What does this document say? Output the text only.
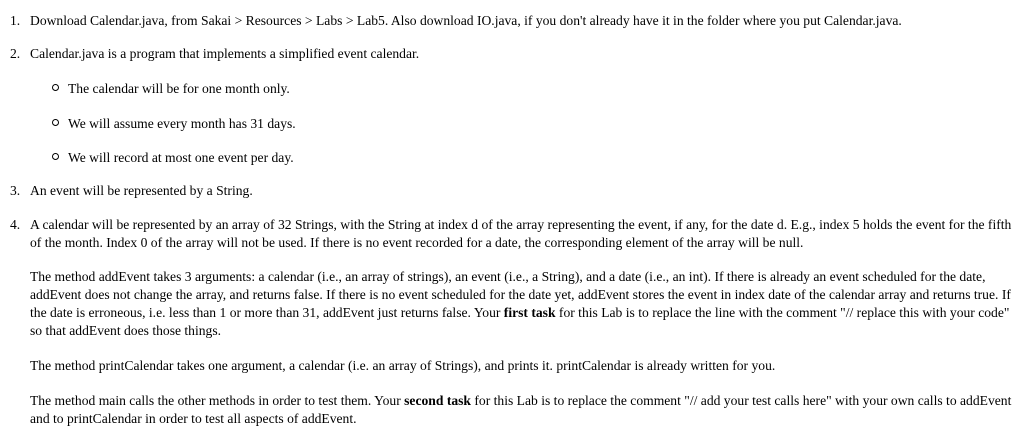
1. Download Calendar.java, from Sakai > Resources > Labs > Lab5. Also download IO.java, if you don't already have it in the folder where you put Calendar.java.
2. Calendar.java is a program that implements a simplified event calendar.
The calendar will be for one month only.
We will assume every month has 31 days.
We will record at most one event per day.
3. An event will be represented by a String.
4. A calendar will be represented by an array of 32 Strings, with the String at index d of the array representing the event, if any, for the date d. E.g., index 5 holds the event for the fifth of the month. Index 0 of the array will not be used. If there is no event recorded for a date, the corresponding element of the array will be null.
The method addEvent takes 3 arguments: a calendar (i.e., an array of strings), an event (i.e., a String), and a date (i.e., an int). If there is already an event scheduled for the date, addEvent does not change the array, and returns false. If there is no event scheduled for the date yet, addEvent stores the event in index date of the calendar array and returns true. If the date is erroneous, i.e. less than 1 or more than 31, addEvent just returns false. Your first task for this Lab is to replace the line with the comment "// replace this with your code" so that addEvent does those things.
The method printCalendar takes one argument, a calendar (i.e. an array of Strings), and prints it. printCalendar is already written for you.
The method main calls the other methods in order to test them. Your second task for this Lab is to replace the comment "// add your test calls here" with your own calls to addEvent and to printCalendar in order to test all aspects of addEvent.
